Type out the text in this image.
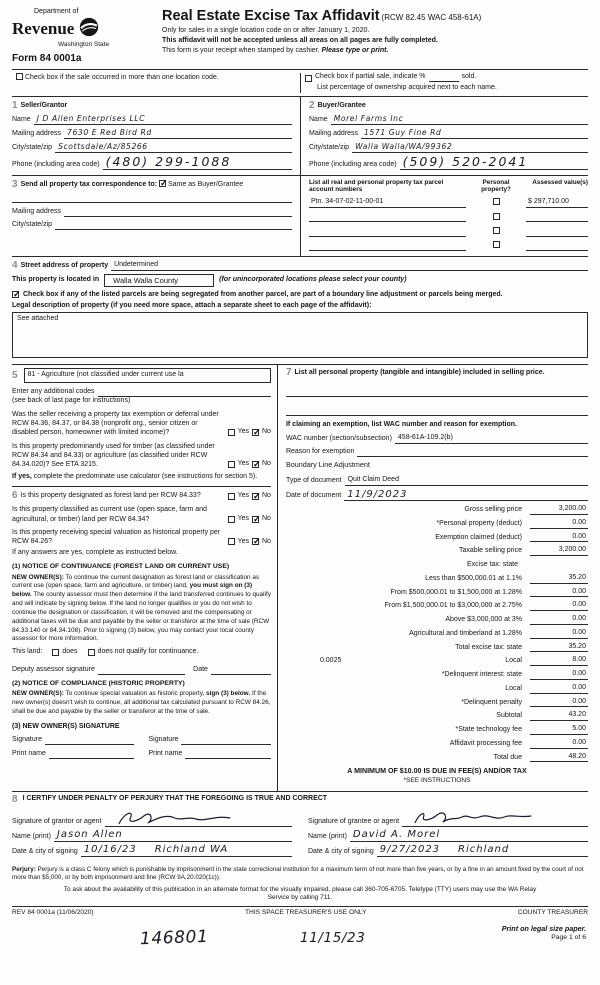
Department of
Revenue
Washington State
Form 84 0001a
Real Estate Excise Tax Affidavit (RCW 82.45 WAC 458-61A)
Only for sales in a single location code on or after January 1, 2020.
This affidavit will not be accepted unless all areas on all pages are fully completed.
This form is your receipt when stamped by cashier. Please type or print.
Check box if the sale occurred in more than one location code.	Check box if partial sale, indicate %	sold.
List percentage of ownership acquired next to each name.
1 Seller/Grantor
Name J D Allen Enterprises LLC
Mailing address 7630 E Red Bird Rd
City/state/zip Scottsdale/Az/85266
Phone (including area code) (480) 299-1088
2 Buyer/Grantee
Name Morel Farms Inc
Mailing address 1571 Guy Fine Rd
City/state/zip Walla Walla/WA/99362
Phone (including area code) (509) 520-2041
3 Send all property tax correspondence to: ✓ Same as Buyer/Grantee
Mailing address
City/state/zip
List all real and personal property tax parcel account numbers
Personal property?
Assessed value(s)
Ptn. 34-07-02-11-00-01	$ 297,710.00
4 Street address of property Undetermined
This property is located in	Walla Walla County	(for unincorporated locations please select your county)
✓
Check box if any of the listed parcels are being segregated from another parcel, are part of a boundary line adjustment or parcels being merged.
Legal description of property (if you need more space, attach a separate sheet to each page of the affidavit):
See attached
5	81 - Agriculture (not classified under current use la
Enter any additional codes
(see back of last page for instructions)
Was the seller receiving a property tax exemption or deferral under RCW 84.36, 84.37, or 84.38 (nonprofit org., senior citizen or disabled person, homeowner with limited income)?	Yes ✓ No
Is this property predominantly used for timber (as classified under RCW 84.34 and 84.33) or agriculture (as classified under RCW 84.34.020)? See ETA 3215.	Yes ✓ No
If yes, complete the predominate use calculator (see instructions for section 5).
6 Is this property designated as forest land per RCW 84.33?	Yes ✓ No
Is this property classified as current use (open space, farm and agricultural, or timber) land per RCW 84.34?	Yes ✓ No
Is this property receiving special valuation as historical property per RCW 84.26?	Yes ✓ No
If any answers are yes, complete as instructed below.
(1) NOTICE OF CONTINUANCE (FOREST LAND OR CURRENT USE)
NEW OWNER(S): To continue the current designation as forest land or classification as current use (open space, farm and agriculture, or timber) land, you must sign on (3) below. The county assessor must then determine if the land transferred continues to qualify and will indicate by signing below. If the land no longer qualifies or you do not wish to continue the designation or classification, it will be removed and the compensating or additional taxes will be due and payable by the seller or transferor at the time of sale (RCW 84.33.140 or 84.34.108). Prior to signing (3) below, you may contact your local county assessor for more information.
This land:	does	does not qualify for continuance.
Deputy assessor signature	Date
(2) NOTICE OF COMPLIANCE (HISTORIC PROPERTY)
NEW OWNER(S): To continue special valuation as historic property, sign (3) below. If the new owner(s) doesn't wish to continue, all additional tax calculated pursuant to RCW 84.26, shall be due and payable by the seller or transferor at the time of sale.
(3) NEW OWNER(S) SIGNATURE
Signature	Signature
Print name	Print name
7 List all personal property (tangible and intangible) included in selling price.
If claiming an exemption, list WAC number and reason for exemption.
WAC number (section/subsection) 458-61A-109.2(b)
Reason for exemption
Boundary Line Adjustment
Type of document Quit Claim Deed
Date of document 11/9/2023
Gross selling price	3,200.00
*Personal property (deduct)	0.00
Exemption claimed (deduct)	0.00
Taxable selling price	3,200.00
Excise tax: state
Less than $500,000.01 at 1.1%	35.20
From $500,000.01 to $1,500,000 at 1.28%	0.00
From $1,500,000.01 to $3,000,000 at 2.75%	0.00
Above $3,000,000 at 3%	0.00
Agricultural and timberland at 1.28%	0.00
Total excise tax: state	35.20
0.0025	Local	8.00
*Delinquent interest: state	0.00
Local	0.00
*Delinquent penalty	0.00
Subtotal	43.20
*State technology fee	5.00
Affidavit processing fee	0.00
Total due	48.20
A MINIMUM OF $10.00 IS DUE IN FEE(S) AND/OR TAX
*SEE INSTRUCTIONS
8 I CERTIFY UNDER PENALTY OF PERJURY THAT THE FOREGOING IS TRUE AND CORRECT
Signature of grantor or agent
Name (print) Jason Allen
Date & city of signing 10/16/23 Richland WA
Signature of grantee or agent
Name (print) David A. Morel
Date & city of signing 9/27/2023 Richland
Perjury: Perjury is a class C felony which is punishable by imprisonment in the state correctional institution for a maximum term of not more than five years, or by a fine in an amount fixed by the court of not more than $5,000, or by both imprisonment and fine (RCW 9A.20.020(1c)).
To ask about the availability of this publication in an alternate format for the visually impaired, please call 360-705-6705. Teletype (TTY) users may use the WA Relay Service by calling 711.
REV 84 0001a (11/06/2020)	THIS SPACE TREASURER'S USE ONLY	COUNTY TREASURER
146801	11/15/23
Print on legal size paper.
Page 1 of 6
